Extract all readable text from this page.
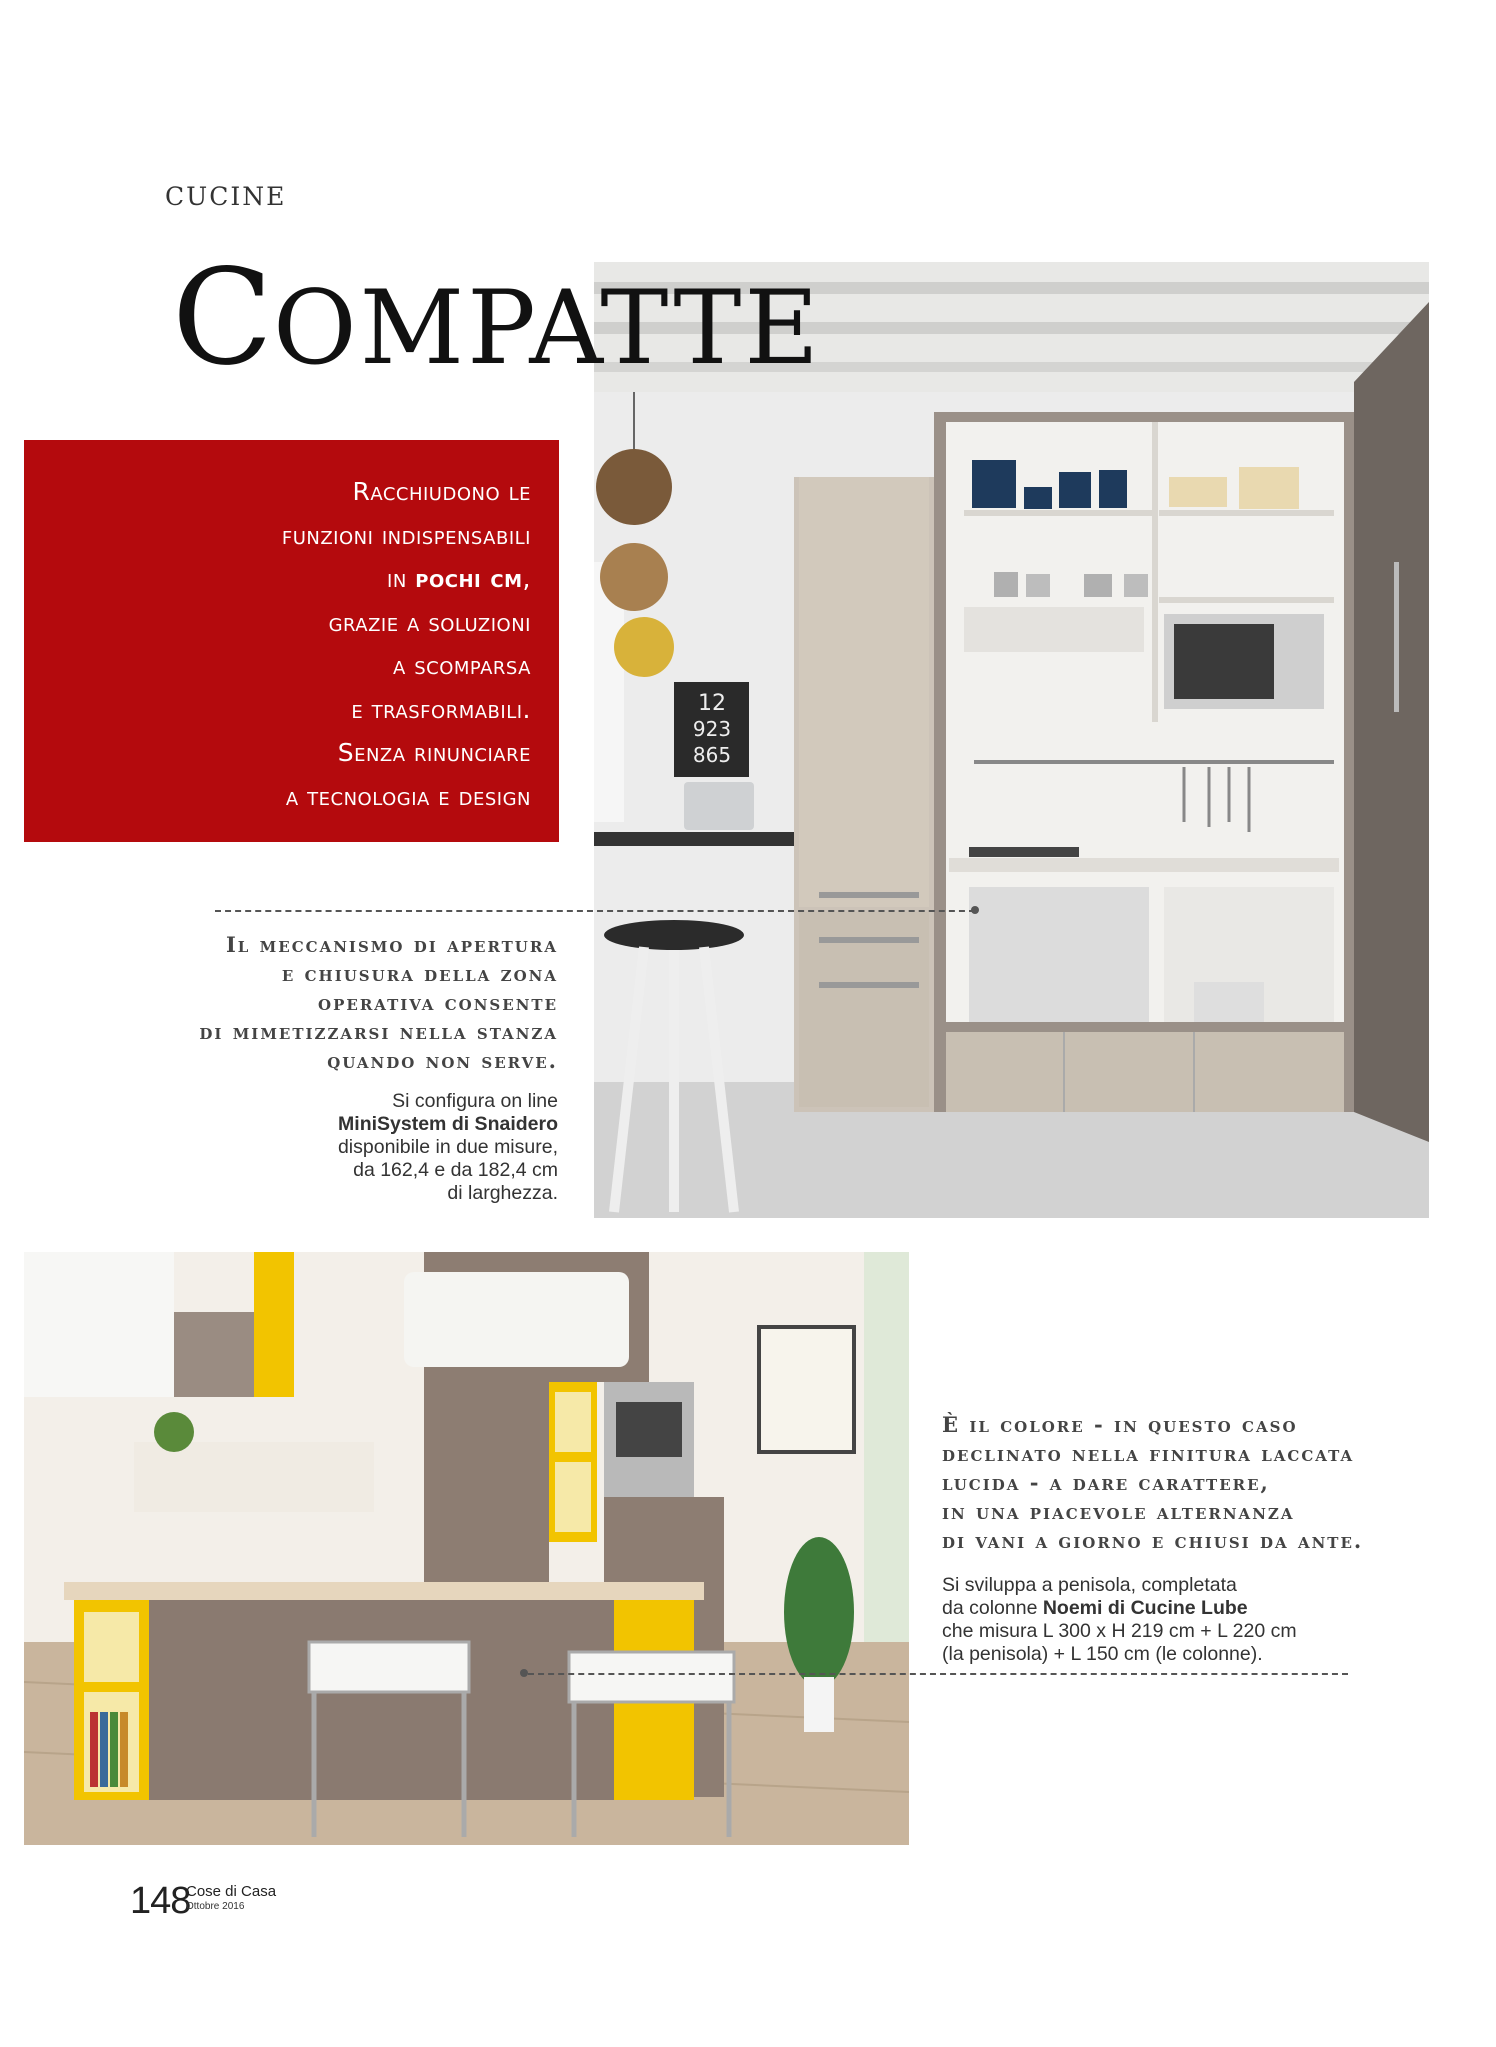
CUCINE
12
923
865
COMPATTE
Racchiudono le
funzioni indispensabili
in pochi cm,
grazie a soluzioni
a scomparsa
e trasformabili.
Senza rinunciare
a tecnologia e design
Il meccanismo di apertura
e chiusura della zona
operativa consente
di mimetizzarsi nella stanza
quando non serve.
Si configura on line
MiniSystem di Snaidero
disponibile in due misure,
da 162,4 e da 182,4 cm
di larghezza.
È il colore - in questo caso
declinato nella finitura laccata
lucida - a dare carattere,
in una piacevole alternanza
di vani a giorno e chiusi da ante.
Si sviluppa a penisola, completata
da colonne Noemi di Cucine Lube
che misura L 300 x H 219 cm + L 220 cm
(la penisola) + L 150 cm (le colonne).
148
Cose di Casa
Ottobre 2016
